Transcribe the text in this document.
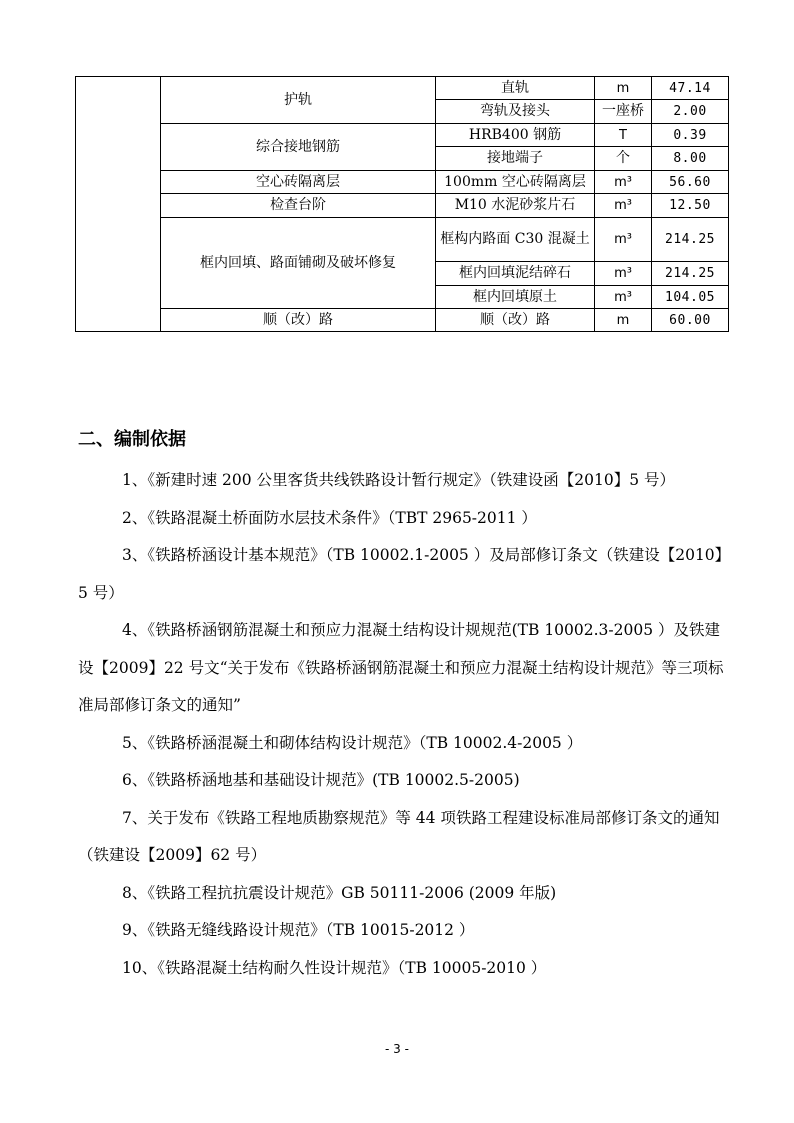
	护轨	直轨	m	47.14
		弯轨及接头	一座桥	2.00
	综合接地钢筋	HRB400 钢筋	T	0.39
		接地端子	个	8.00
	空心砖隔离层	100mm 空心砖隔离层	m³	56.60
	检查台阶	M10 水泥砂浆片石	m³	12.50
	框内回填、路面铺砌及破坏修复	框构内路面 C30 混凝土	m³	214.25
		框内回填泥结碎石	m³	214.25
		框内回填原土	m³	104.05
	顺（改）路	顺（改）路	m	60.00
二、编制依据

1、《新建时速 200 公里客货共线铁路设计暂行规定》（铁建设函【2010】5 号）

2、《铁路混凝土桥面防水层技术条件》（TBT 2965-2011 ）

3、《铁路桥涵设计基本规范》（TB 10002.1-2005 ）及局部修订条文（铁建设【2010】5 号）

4、《铁路桥涵钢筋混凝土和预应力混凝土结构设计规规范(TB 10002.3-2005 ）及铁建设【2009】22 号文“关于发布《铁路桥涵钢筋混凝土和预应力混凝土结构设计规范》等三项标准局部修订条文的通知”

5、《铁路桥涵混凝土和砌体结构设计规范》（TB 10002.4-2005 ）

6、《铁路桥涵地基和基础设计规范》(TB 10002.5-2005)

7、关于发布《铁路工程地质勘察规范》等 44 项铁路工程建设标准局部修订条文的通知（铁建设【2009】62 号）

8、《铁路工程抗抗震设计规范》GB 50111-2006 (2009 年版)

9、《铁路无缝线路设计规范》（TB 10015-2012 ）

10、《铁路混凝土结构耐久性设计规范》（TB 10005-2010 ）

- 3 -
